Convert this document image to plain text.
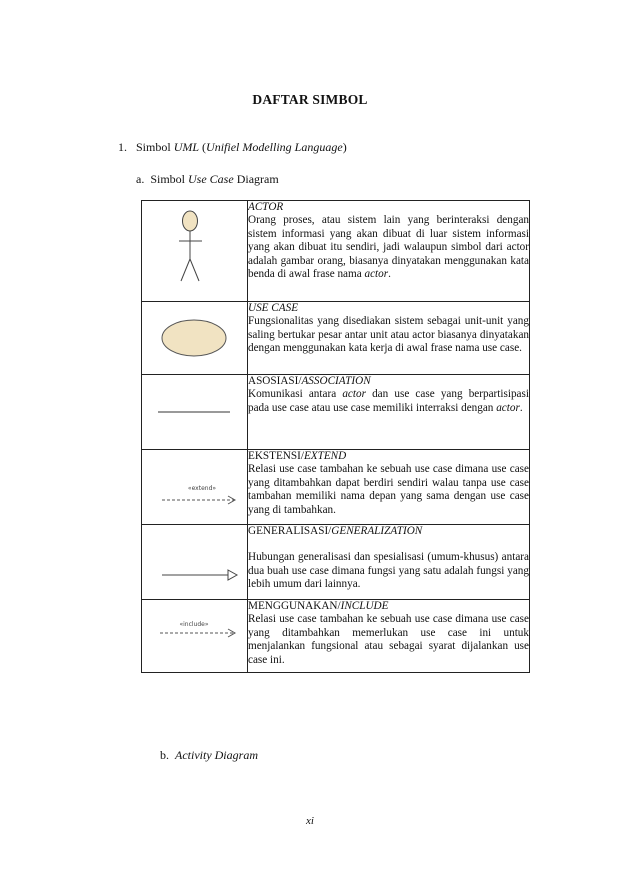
DAFTAR SIMBOL
1. Simbol UML (Unifiel Modelling Language)
a. Simbol Use Case Diagram

ACTOR
Orang proses, atau sistem lain yang berinteraksi dengan sistem informasi yang akan dibuat di luar sistem informasi yang akan dibuat itu sendiri, jadi walaupun simbol dari actor adalah gambar orang, biasanya dinyatakan menggunakan kata benda di awal frase nama actor.

USE CASE
Fungsionalitas yang disediakan sistem sebagai unit-unit yang saling bertukar pesar antar unit atau actor biasanya dinyatakan dengan menggunakan kata kerja di awal frase nama use case.

ASOSIASI/ASSOCIATION
Komunikasi antara actor dan use case yang berpartisipasi pada use case atau use case memiliki interraksi dengan actor.

«extend»	EKSTENSI/EXTEND
Relasi use case tambahan ke sebuah use case dimana use case yang ditambahkan dapat berdiri sendiri walau tanpa use case tambahan memiliki nama depan yang sama dengan use case yang di tambahkan.

GENERALISASI/GENERALIZATION
Hubungan generalisasi dan spesialisasi (umum-khusus) antara dua buah use case dimana fungsi yang satu adalah fungsi yang lebih umum dari lainnya.

«include»	MENGGUNAKAN/INCLUDE
Relasi use case tambahan ke sebuah use case dimana use case yang ditambahkan memerlukan use case ini untuk menjalankan fungsional atau sebagai syarat dijalankan use case ini.
b. Activity Diagram
xi
